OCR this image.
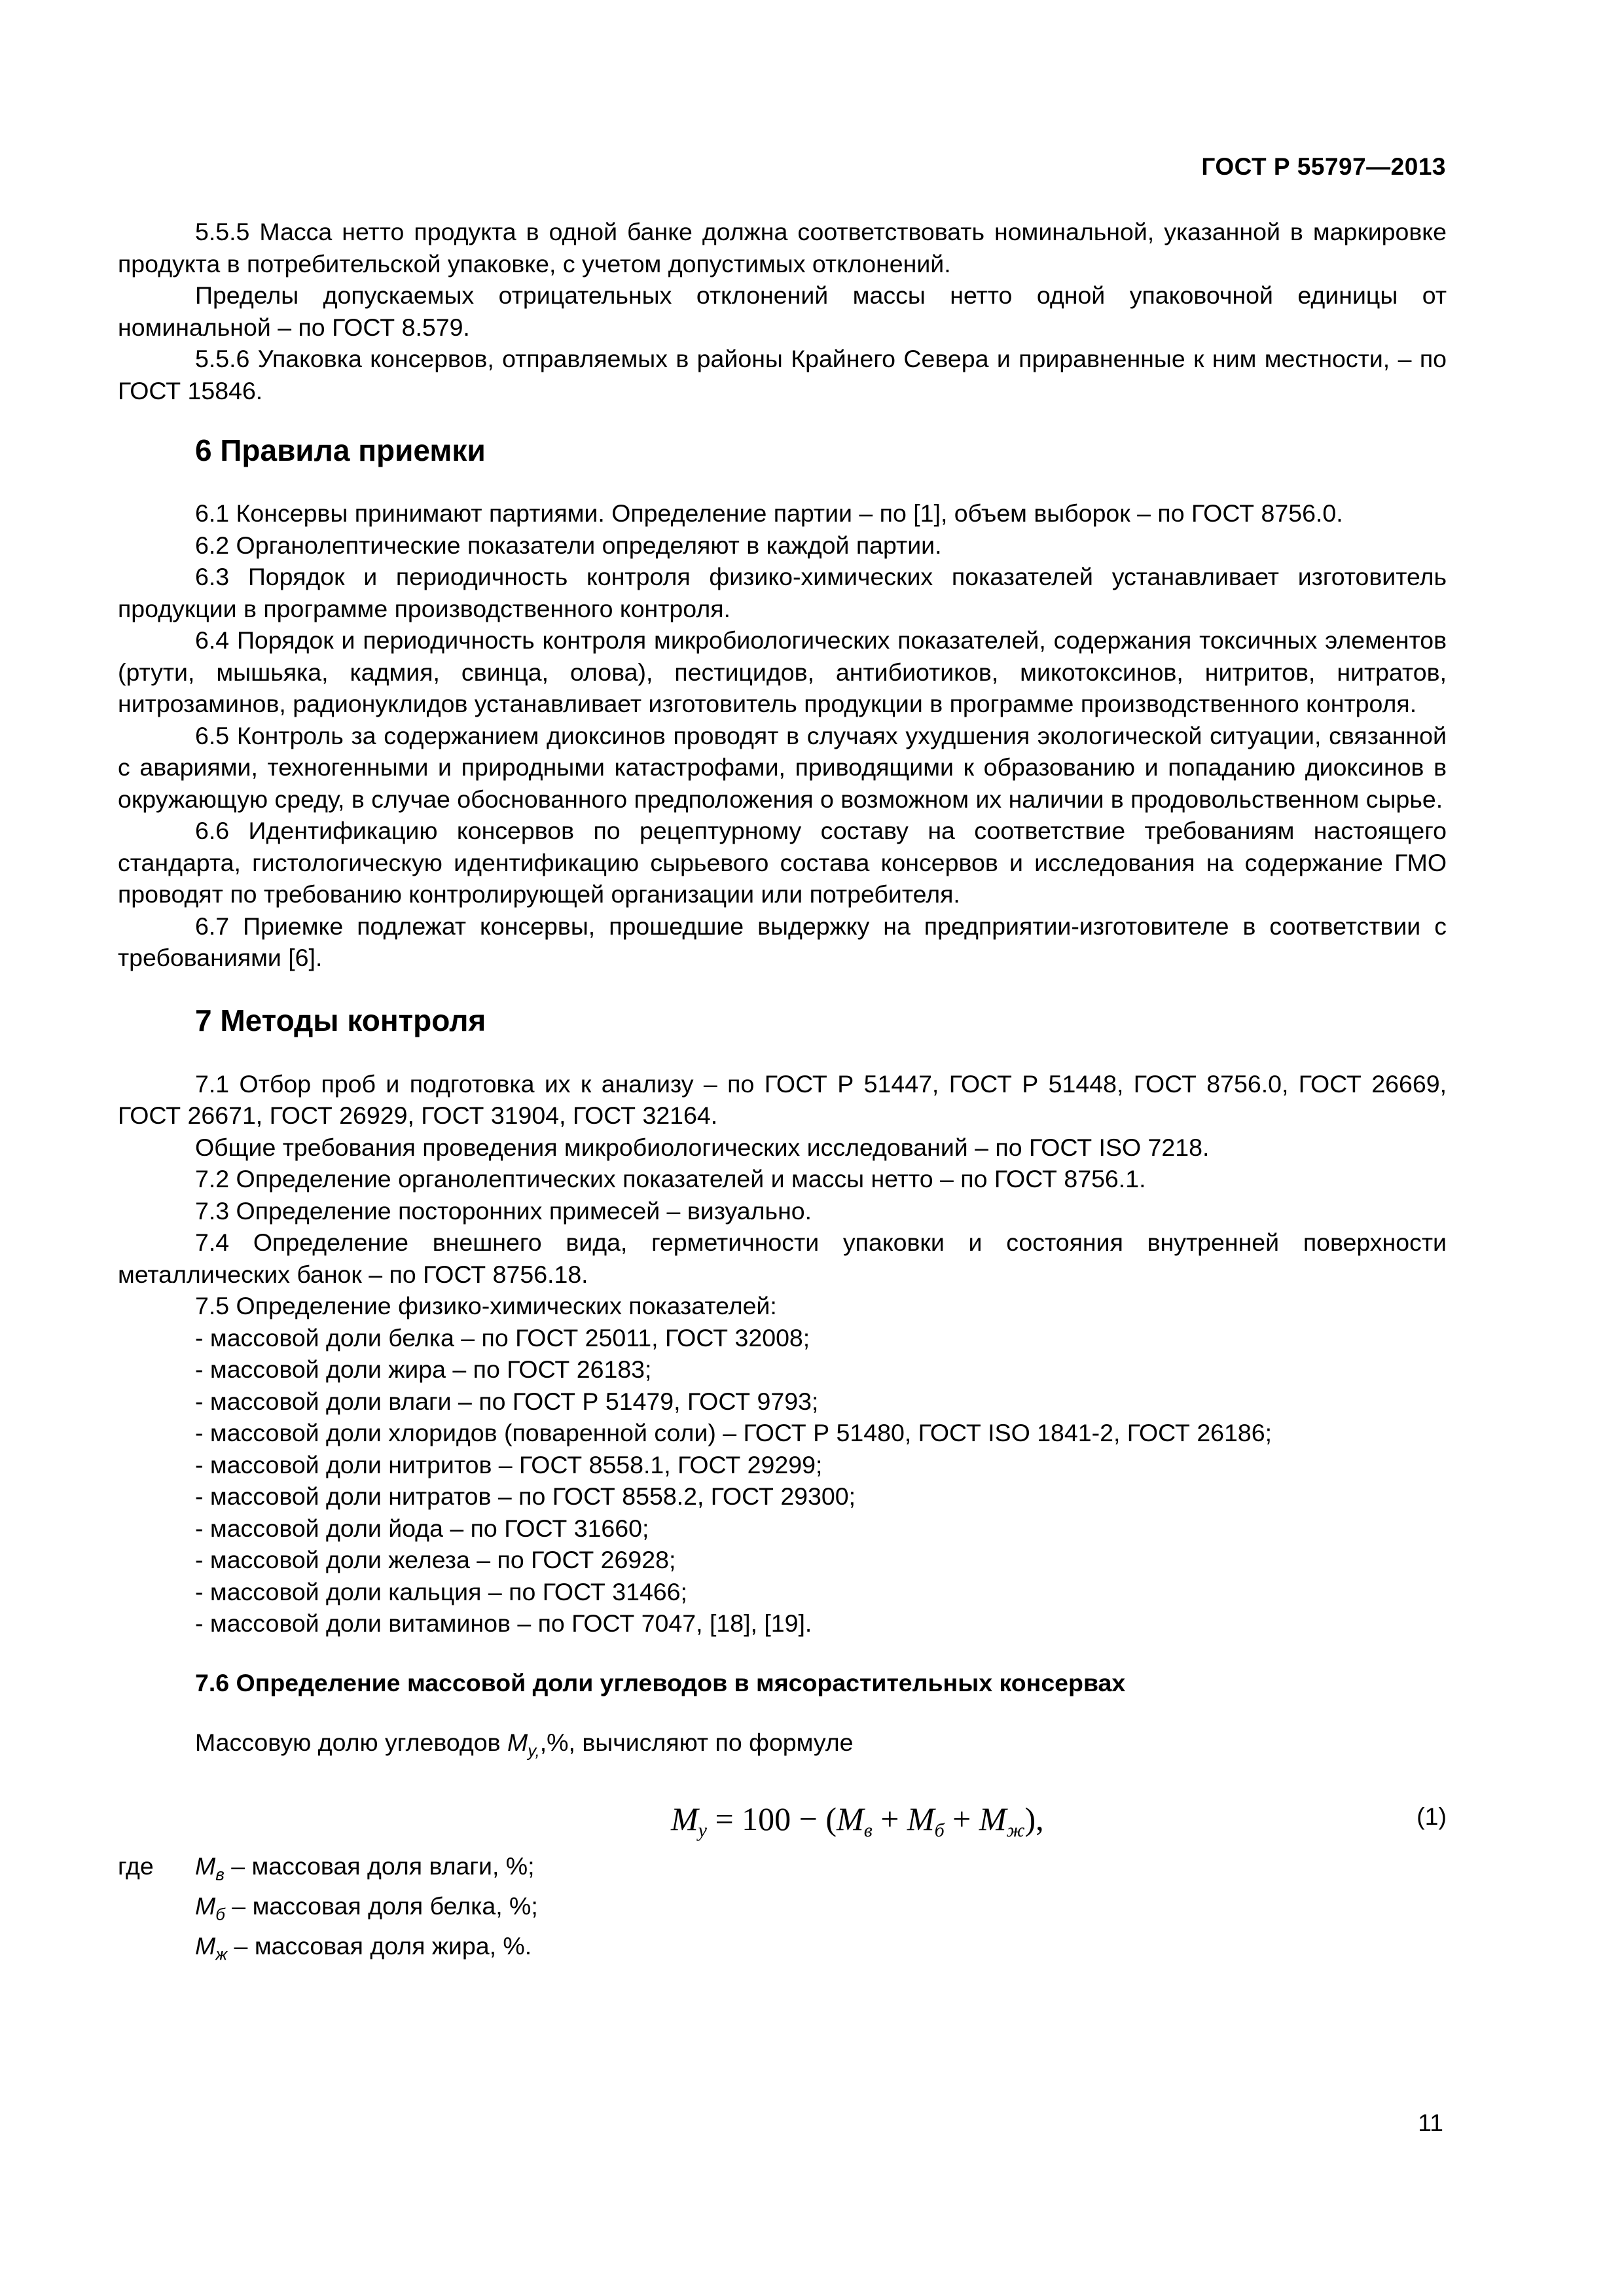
ГОСТ Р 55797—2013

5.5.5 Масса нетто продукта в одной банке должна соответствовать номинальной, указанной в маркировке продукта в потребительской упаковке, с учетом допустимых отклонений.

Пределы допускаемых отрицательных отклонений массы нетто одной упаковочной единицы от номинальной – по ГОСТ 8.579.

5.5.6 Упаковка консервов, отправляемых в районы Крайнего Севера и приравненные к ним местности, – по ГОСТ 15846.

6 Правила приемки

6.1 Консервы принимают партиями. Определение партии – по [1], объем выборок – по ГОСТ 8756.0.

6.2 Органолептические показатели определяют в каждой партии.

6.3 Порядок и периодичность контроля физико-химических показателей устанавливает изготовитель продукции в программе производственного контроля.

6.4 Порядок и периодичность контроля микробиологических показателей, содержания токсичных элементов (ртути, мышьяка, кадмия, свинца, олова), пестицидов, антибиотиков, микотоксинов, нитритов, нитратов, нитрозаминов, радионуклидов устанавливает изготовитель продукции в программе производственного контроля.

6.5 Контроль за содержанием диоксинов проводят в случаях ухудшения экологической ситуации, связанной с авариями, техногенными и природными катастрофами, приводящими к образованию и попаданию диоксинов в окружающую среду, в случае обоснованного предположения о возможном их наличии в продовольственном сырье.

6.6 Идентификацию консервов по рецептурному составу на соответствие требованиям настоящего стандарта, гистологическую идентификацию сырьевого состава консервов и исследования на содержание ГМО проводят по требованию контролирующей организации или потребителя.

6.7 Приемке подлежат консервы, прошедшие выдержку на предприятии-изготовителе в соответствии с требованиями [6].

7 Методы контроля

7.1 Отбор проб и подготовка их к анализу – по ГОСТ Р 51447, ГОСТ Р 51448, ГОСТ 8756.0, ГОСТ 26669, ГОСТ 26671, ГОСТ 26929, ГОСТ 31904, ГОСТ 32164.

Общие требования проведения микробиологических исследований – по ГОСТ ISO 7218.

7.2 Определение органолептических показателей и массы нетто – по ГОСТ 8756.1.

7.3 Определение посторонних примесей – визуально.

7.4 Определение внешнего вида, герметичности упаковки и состояния внутренней поверхности металлических банок – по ГОСТ 8756.18.

7.5 Определение физико-химических показателей:

- массовой доли белка – по ГОСТ 25011, ГОСТ 32008;

- массовой доли жира – по ГОСТ 26183;

- массовой доли влаги – по ГОСТ Р 51479, ГОСТ 9793;

- массовой доли хлоридов (поваренной соли) – ГОСТ Р 51480, ГОСТ ISO 1841-2, ГОСТ 26186;

- массовой доли нитритов – ГОСТ 8558.1, ГОСТ 29299;

- массовой доли нитратов – по ГОСТ 8558.2, ГОСТ 29300;

- массовой доли йода – по ГОСТ 31660;

- массовой доли железа – по ГОСТ 26928;

- массовой доли кальция – по ГОСТ 31466;

- массовой доли витаминов – по ГОСТ 7047, [18], [19].

7.6 Определение массовой доли углеводов в мясорастительных консервах

Массовую долю углеводов $M_{у,},\%$, вычисляют по формуле

$M_у = 100 - (M_в + M_б + M_ж)$,	(1)
где	$M_в$ – массовая доля влаги, %;

$M_б$ – массовая доля белка, %;

$M_ж$ – массовая доля жира, %.

11
